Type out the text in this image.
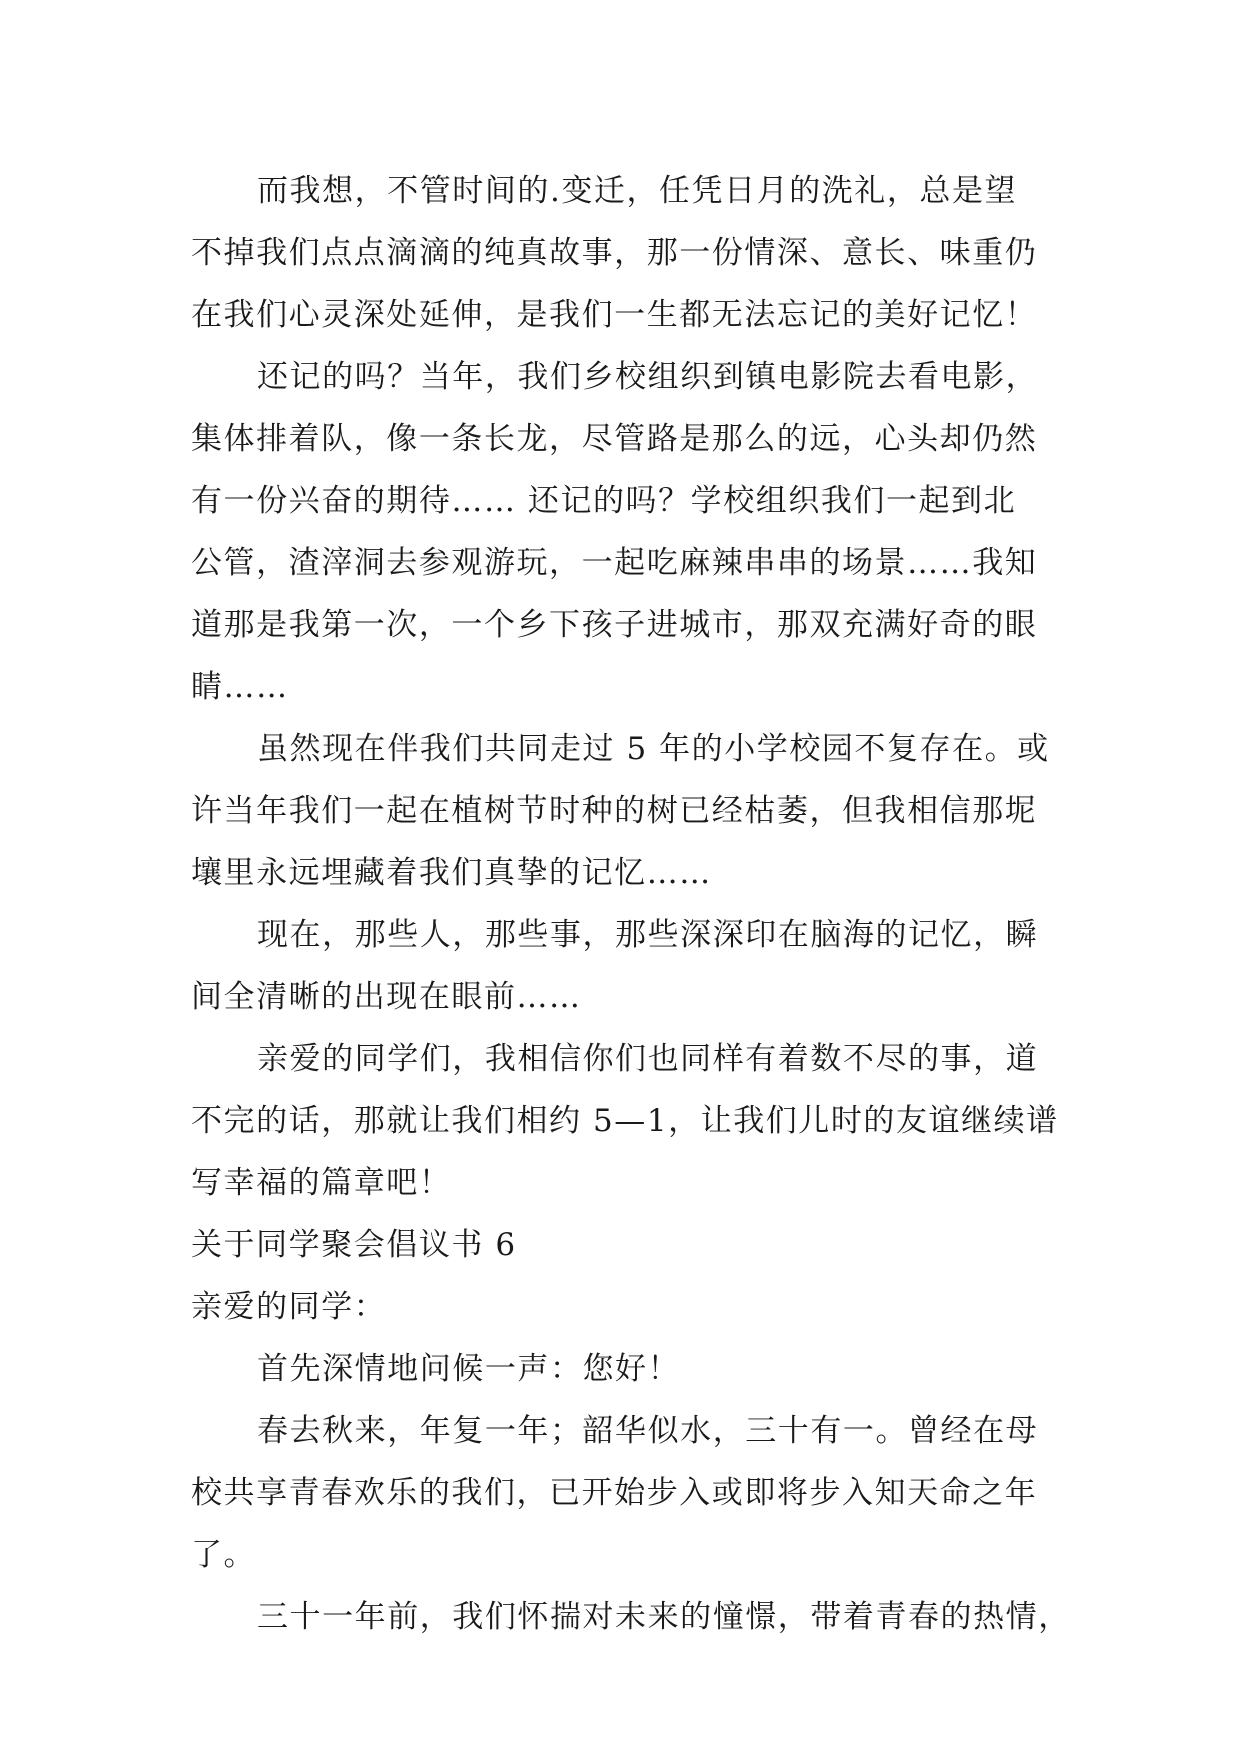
而我想，不管时间的.变迁，任凭日月的洗礼，总是望
不掉我们点点滴滴的纯真故事，那一份情深、意长、味重仍
在我们心灵深处延伸，是我们一生都无法忘记的美好记忆！
还记的吗？当年，我们乡校组织到镇电影院去看电影，
集体排着队，像一条长龙，尽管路是那么的远，心头却仍然
有一份兴奋的期待…… 还记的吗？学校组织我们一起到北
公管，渣滓洞去参观游玩，一起吃麻辣串串的场景……我知
道那是我第一次，一个乡下孩子进城市，那双充满好奇的眼
睛……
虽然现在伴我们共同走过 5 年的小学校园不复存在。或
许当年我们一起在植树节时种的树已经枯萎，但我相信那坭
壤里永远埋藏着我们真挚的记忆……
现在，那些人，那些事，那些深深印在脑海的记忆，瞬
间全清晰的出现在眼前……
亲爱的同学们，我相信你们也同样有着数不尽的事，道
不完的话，那就让我们相约 5—1，让我们儿时的友谊继续谱
写幸福的篇章吧！
关于同学聚会倡议书 6
亲爱的同学：
首先深情地问候一声：您好！
春去秋来，年复一年；韶华似水，三十有一。曾经在母
校共享青春欢乐的我们，已开始步入或即将步入知天命之年
了。
三十一年前，我们怀揣对未来的憧憬，带着青春的热情，
